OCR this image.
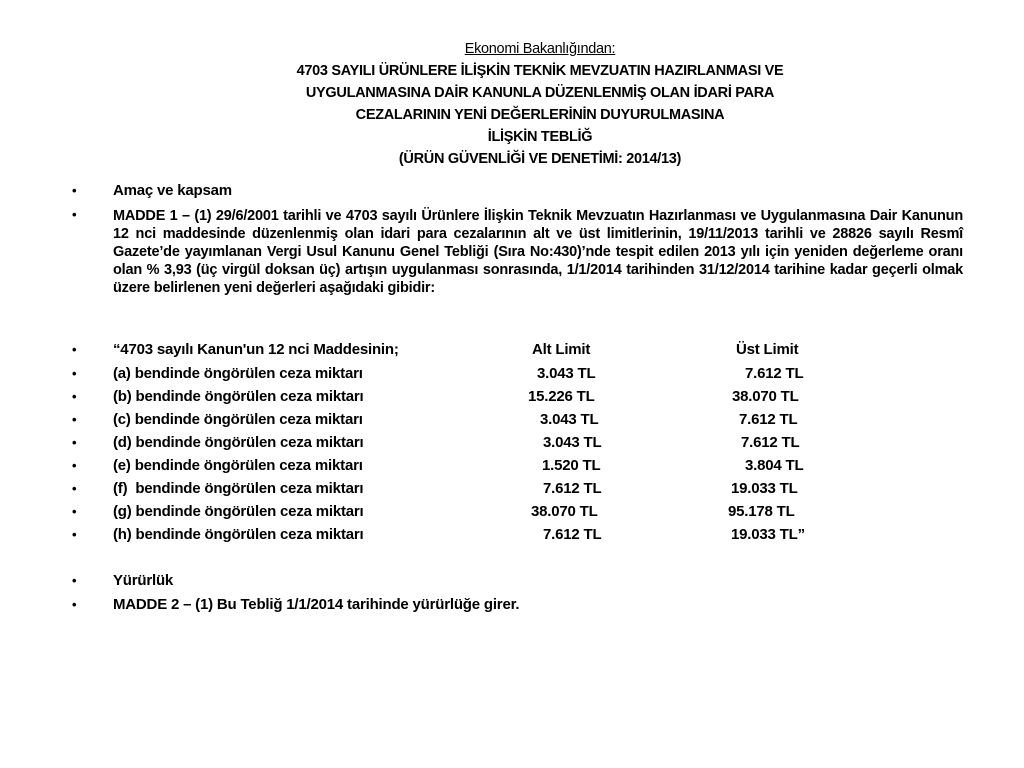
Ekonomi Bakanlığından:
4703 SAYILI ÜRÜNLERE İLİŞKİN TEKNİK MEVZUATIN HAZIRLANMASI VE
UYGULANMASINA DAİR KANUNLA DÜZENLENMİŞ OLAN İDARİ PARA
CEZALARININ YENİ DEĞERLERİNİN DUYURULMASINA
İLİŞKİN TEBLİĞ
(ÜRÜN GÜVENLİĞİ VE DENETİMİ: 2014/13)
•	Amaç ve kapsam
•	MADDE 1 – (1) 29/6/2001 tarihli ve 4703 sayılı Ürünlere İlişkin Teknik Mevzuatın Hazırlanması ve Uygulanmasına Dair Kanunun 12 nci maddesinde düzenlenmiş olan idari para cezalarının alt ve üst limitlerinin, 19/11/2013 tarihli ve 28826 sayılı Resmî Gazete’de yayımlanan Vergi Usul Kanunu Genel Tebliği (Sıra No:430)’nde tespit edilen 2013 yılı için yeniden değerleme oranı olan % 3,93 (üç virgül doksan üç) artışın uygulanması sonrasında, 1/1/2014 tarihinden 31/12/2014 tarihine kadar geçerli olmak üzere belirlenen yeni değerleri aşağıdaki gibidir:
•	“4703 sayılı Kanun'un 12 nci Maddesinin;	Alt Limit	Üst Limit
•	(a) bendinde öngörülen ceza miktarı	3.043 TL	7.612 TL
•	(b) bendinde öngörülen ceza miktarı	15.226 TL	38.070 TL
•	(c) bendinde öngörülen ceza miktarı	3.043 TL	7.612 TL
•	(d) bendinde öngörülen ceza miktarı	3.043 TL	7.612 TL
•	(e) bendinde öngörülen ceza miktarı	1.520 TL	3.804 TL
•	(f)  bendinde öngörülen ceza miktarı	7.612 TL	19.033 TL
•	(g) bendinde öngörülen ceza miktarı	38.070 TL	95.178 TL
•	(h) bendinde öngörülen ceza miktarı	7.612 TL	19.033 TL”
•	Yürürlük
•	MADDE 2 – (1) Bu Tebliğ 1/1/2014 tarihinde yürürlüğe girer.
